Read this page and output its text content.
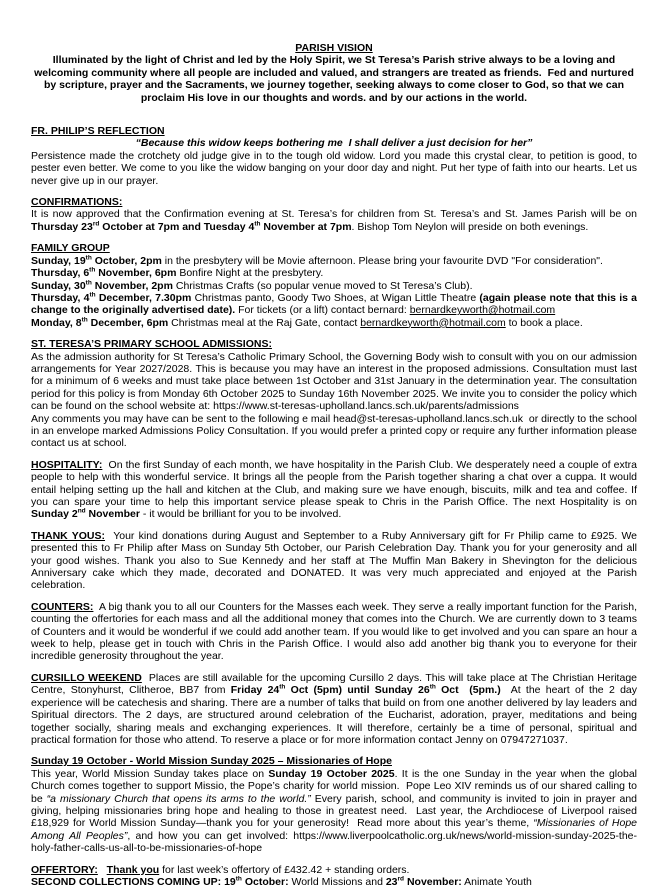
PARISH VISION
Illuminated by the light of Christ and led by the Holy Spirit, we St Teresa’s Parish strive always to be a loving and welcoming community where all people are included and valued, and strangers are treated as friends.  Fed and nurtured by scripture, prayer and the Sacraments, we journey together, seeking always to come closer to God, so that we can proclaim His love in our thoughts and words. and by our actions in the world.
FR. PHILIP’S REFLECTION
“Because this widow keeps bothering me  I shall deliver a just decision for her”
Persistence made the crotchety old judge give in to the tough old widow. Lord you made this crystal clear, to petition is good, to pester even better. We come to you like the widow banging on your door day and night. Put her type of faith into our hearts. Let us never give up in our prayer.
CONFIRMATIONS:
It is now approved that the Confirmation evening at St. Teresa’s for children from St. Teresa’s and St. James Parish will be on Thursday 23rd October at 7pm and Tuesday 4th November at 7pm. Bishop Tom Neylon will preside on both evenings.
FAMILY GROUP
Sunday, 19th October, 2pm in the presbytery will be Movie afternoon. Please bring your favourite DVD "For consideration".
Thursday, 6th November, 6pm Bonfire Night at the presbytery.
Sunday, 30th November, 2pm Christmas Crafts (so popular venue moved to St Teresa’s Club).
Thursday, 4th December, 7.30pm Christmas panto, Goody Two Shoes, at Wigan Little Theatre (again please note that this is a change to the originally advertised date). For tickets (or a lift) contact bernard: bernardkeyworth@hotmail.com
Monday, 8th December, 6pm Christmas meal at the Raj Gate, contact bernardkeyworth@hotmail.com to book a place.
ST. TERESA’S PRIMARY SCHOOL ADMISSIONS:
As the admission authority for St Teresa’s Catholic Primary School, the Governing Body wish to consult with you on our admission arrangements for Year 2027/2028. This is because you may have an interest in the proposed admissions. Consultation must last for a minimum of 6 weeks and must take place between 1st October and 31st January in the determination year. The consultation period for this policy is from Monday 6th October 2025 to Sunday 16th November 2025. We invite you to consider the policy which can be found on the school website at: https://www.st-teresas-upholland.lancs.sch.uk/parents/admissions
Any comments you may have can be sent to the following e mail head@st-teresas-upholland.lancs.sch.uk  or directly to the school in an envelope marked Admissions Policy Consultation. If you would prefer a printed copy or require any further information please contact us at school.
HOSPITALITY:  On the first Sunday of each month, we have hospitality in the Parish Club. We desperately need a couple of extra people to help with this wonderful service. It brings all the people from the Parish together sharing a chat over a cuppa. It would entail helping setting up the hall and kitchen at the Club, and making sure we have enough, biscuits, milk and tea and coffee. If you can spare your time to help this important service please speak to Chris in the Parish Office. The next Hospitality is on Sunday 2nd November - it would be brilliant for you to be involved.
THANK YOUS:  Your kind donations during August and September to a Ruby Anniversary gift for Fr Philip came to £925. We presented this to Fr Philip after Mass on Sunday 5th October, our Parish Celebration Day. Thank you for your generosity and all your good wishes. Thank you also to Sue Kennedy and her staff at The Muffin Man Bakery in Shevington for the delicious Anniversary cake which they made, decorated and DONATED. It was very much appreciated and enjoyed at the Parish celebration.
COUNTERS:  A big thank you to all our Counters for the Masses each week. They serve a really important function for the Parish, counting the offertories for each mass and all the additional money that comes into the Church. We are currently down to 3 teams of Counters and it would be wonderful if we could add another team. If you would like to get involved and you can spare an hour a week to help, please get in touch with Chris in the Parish Office. I would also add another big thank you to everyone for their incredible generosity throughout the year.
CURSILLO WEEKEND  Places are still available for the upcoming Cursillo 2 days. This will take place at The Christian Heritage Centre, Stonyhurst, Clitheroe, BB7 from Friday 24th Oct (5pm) until Sunday 26th Oct  (5pm.)  At the heart of the 2 day experience will be catechesis and sharing. There are a number of talks that build on from one another delivered by lay leaders and  Spiritual directors. The 2 days, are structured around celebration of the Eucharist, adoration, prayer, meditations and being together socially, sharing meals and exchanging experiences. It will therefore, certainly be a time of personal, spiritual and practical formation for those who attend. To reserve a place or for more information contact Jenny on 07947271037.
Sunday 19 October - World Mission Sunday 2025 – Missionaries of Hope
This year, World Mission Sunday takes place on Sunday 19 October 2025. It is the one Sunday in the year when the global Church comes together to support Missio, the Pope’s charity for world mission.  Pope Leo XIV reminds us of our shared calling to be “a missionary Church that opens its arms to the world.” Every parish, school, and community is invited to join in prayer and giving, helping missionaries bring hope and healing to those in greatest need.  Last year, the Archdiocese of Liverpool raised £18,929 for World Mission Sunday—thank you for your generosity!  Read more about this year’s theme, “Missionaries of Hope Among All Peoples”, and how you can get involved: https://www.liverpoolcatholic.org.uk/news/world-mission-sunday-2025-the-holy-father-calls-us-all-to-be-missionaries-of-hope
OFFERTORY: Thank you for last week’s offertory of £432.42 + standing orders.
SECOND COLLECTIONS COMING UP: 19th October: World Missions and 23rd November: Animate Youth
